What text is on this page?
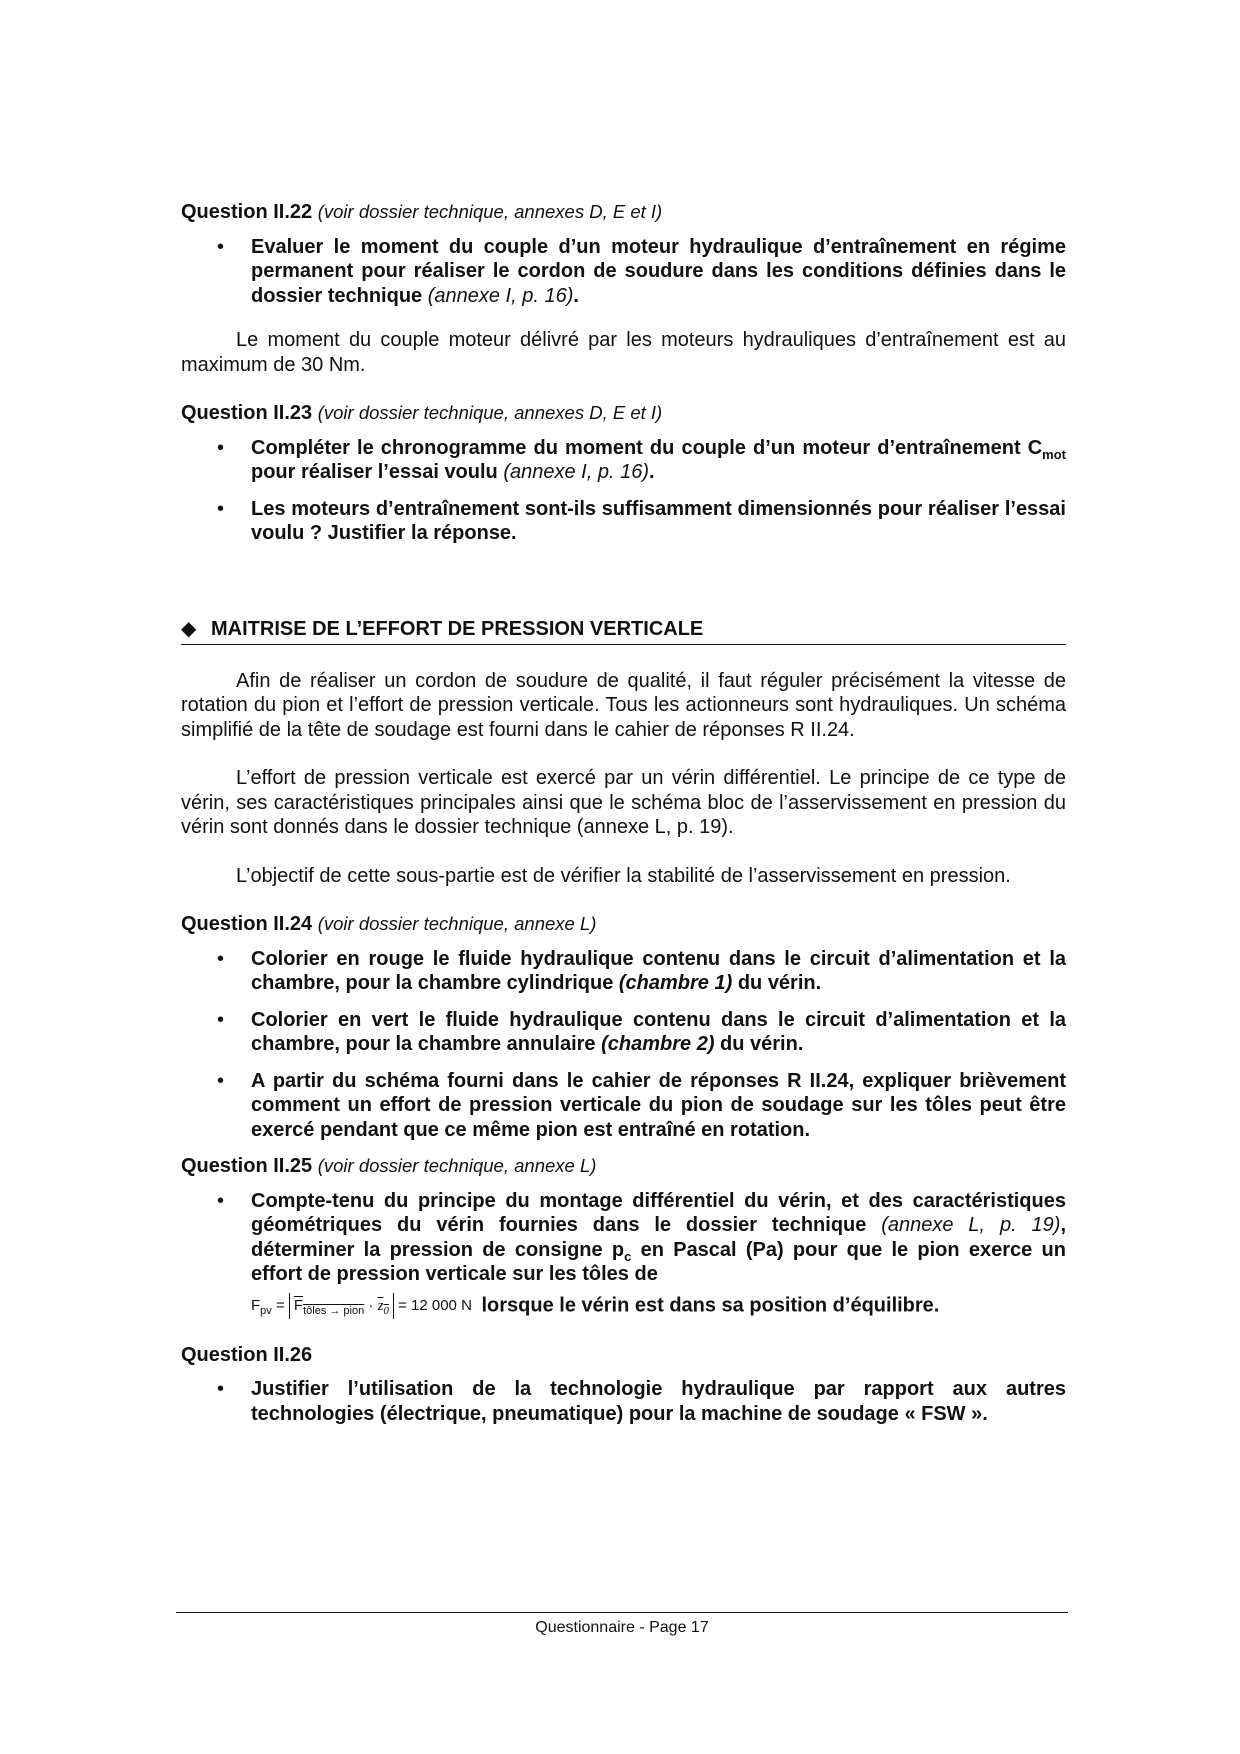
Question II.22 (voir dossier technique, annexes D, E et I)

• Evaluer le moment du couple d’un moteur hydraulique d’entraînement en régime permanent pour réaliser le cordon de soudure dans les conditions définies dans le dossier technique (annexe I, p. 16).

Le moment du couple moteur délivré par les moteurs hydrauliques d’entraînement est au maximum de 30 Nm.

Question II.23 (voir dossier technique, annexes D, E et I)

• Compléter le chronogramme du moment du couple d’un moteur d’entraînement $C_{mot}$ pour réaliser l’essai voulu (annexe I, p. 16).
• Les moteurs d’entraînement sont-ils suffisamment dimensionnés pour réaliser l’essai voulu ? Justifier la réponse.
◆ MAITRISE DE L’EFFORT DE PRESSION VERTICALE

Afin de réaliser un cordon de soudure de qualité, il faut réguler précisément la vitesse de rotation du pion et l’effort de pression verticale. Tous les actionneurs sont hydrauliques. Un schéma simplifié de la tête de soudage est fourni dans le cahier de réponses R II.24.

L’effort de pression verticale est exercé par un vérin différentiel. Le principe de ce type de vérin, ses caractéristiques principales ainsi que le schéma bloc de l’asservissement en pression du vérin sont donnés dans le dossier technique (annexe L, p. 19).

L’objectif de cette sous-partie est de vérifier la stabilité de l’asservissement en pression.

Question II.24 (voir dossier technique, annexe L)

• Colorier en rouge le fluide hydraulique contenu dans le circuit d’alimentation et la chambre, pour la chambre cylindrique (chambre 1) du vérin.
• Colorier en vert le fluide hydraulique contenu dans le circuit d’alimentation et la chambre, pour la chambre annulaire (chambre 2) du vérin.
• A partir du schéma fourni dans le cahier de réponses R II.24, expliquer brièvement comment un effort de pression verticale du pion de soudage sur les tôles peut être exercé pendant que ce même pion est entraîné en rotation.

Question II.25 (voir dossier technique, annexe L)

• Compte-tenu du principe du montage différentiel du vérin, et des caractéristiques géométriques du vérin fournies dans le dossier technique (annexe L, p. 19), déterminer la pression de consigne $p_c$ en Pascal (Pa) pour que le pion exerce un effort de pression verticale sur les tôles de
$F_{pv} = F_{tôles \to pion} \cdot z_0 = 12$ 000 N lorsque le vérin est dans sa position d’équilibre.

Question II.26

• Justifier l’utilisation de la technologie hydraulique par rapport aux autres technologies (électrique, pneumatique) pour la machine de soudage « FSW ».
Questionnaire - Page 17
